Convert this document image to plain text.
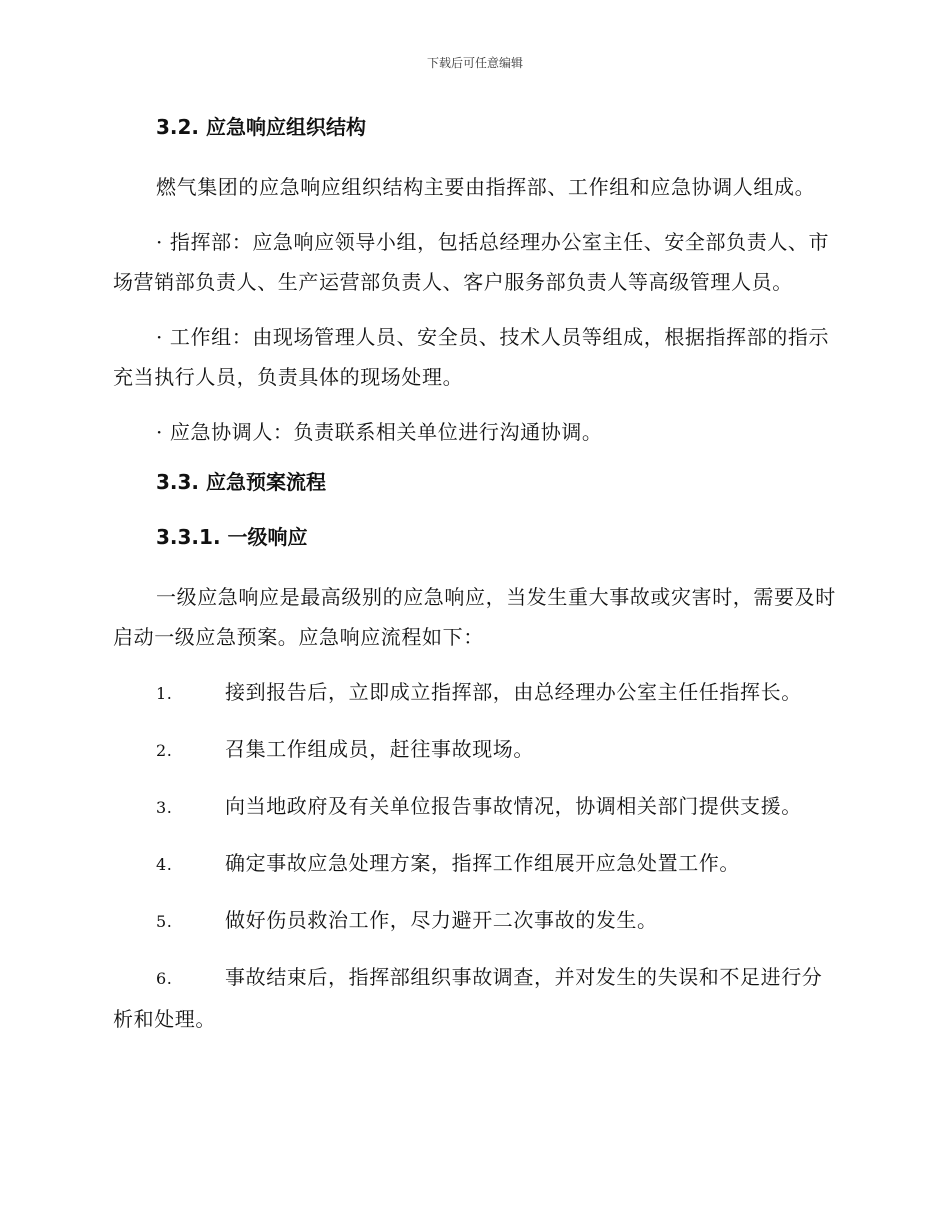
下载后可任意编辑
3.2. 应急响应组织结构
燃气集团的应急响应组织结构主要由指挥部、工作组和应急协调人组成。
· 指挥部：应急响应领导小组，包括总经理办公室主任、安全部负责人、市场营销部负责人、生产运营部负责人、客户服务部负责人等高级管理人员。
· 工作组：由现场管理人员、安全员、技术人员等组成，根据指挥部的指示充当执行人员，负责具体的现场处理。
· 应急协调人：负责联系相关单位进行沟通协调。
3.3. 应急预案流程
3.3.1. 一级响应
一级应急响应是最高级别的应急响应，当发生重大事故或灾害时，需要及时启动一级应急预案。应急响应流程如下：
1.	接到报告后，立即成立指挥部，由总经理办公室主任任指挥长。
2.	召集工作组成员，赶往事故现场。
3.	向当地政府及有关单位报告事故情况，协调相关部门提供支援。
4.	确定事故应急处理方案，指挥工作组展开应急处置工作。
5.	做好伤员救治工作，尽力避开二次事故的发生。
6.	事故结束后，指挥部组织事故调查，并对发生的失误和不足进行分析和处理。
